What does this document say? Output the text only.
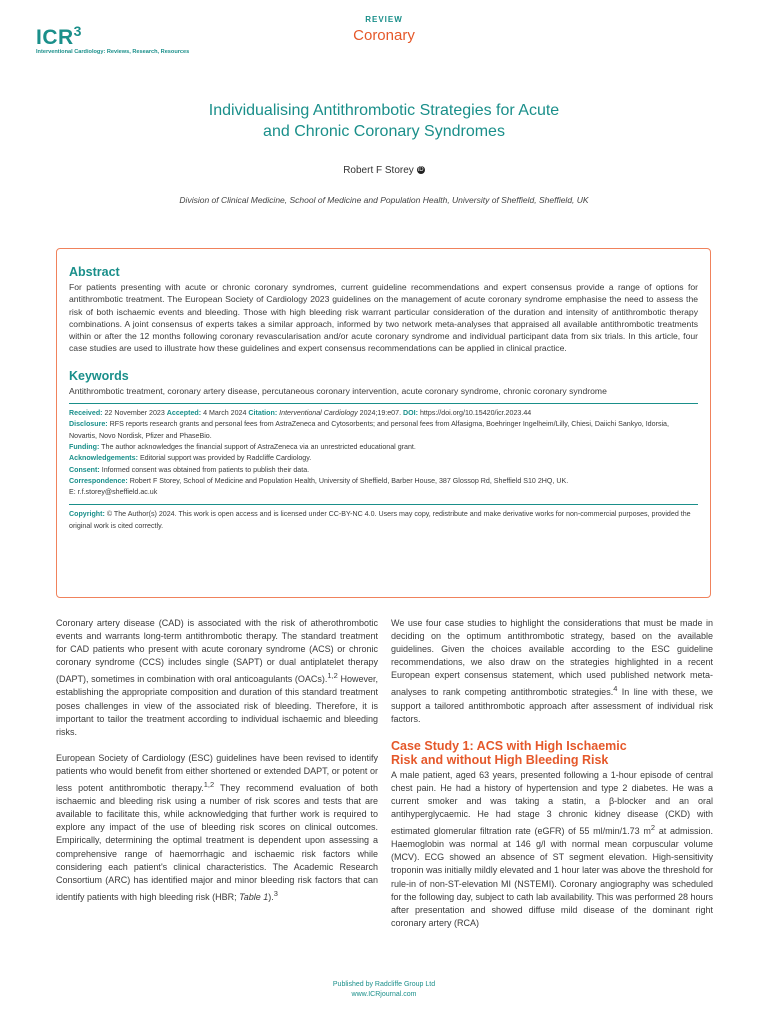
ICR$^3$
Interventional Cardiology: Reviews, Research, Resources
REVIEW
Coronary
Individualising Antithrombotic Strategies for Acute
and Chronic Coronary Syndromes
Robert F Storey iD
Division of Clinical Medicine, School of Medicine and Population Health, University of Sheffield, Sheffield, UK
Abstract

For patients presenting with acute or chronic coronary syndromes, current guideline recommendations and expert consensus provide a range of options for antithrombotic treatment. The European Society of Cardiology 2023 guidelines on the management of acute coronary syndrome emphasise the need to assess the risk of both ischaemic events and bleeding. Those with high bleeding risk warrant particular consideration of the duration and intensity of antithrombotic therapy combinations. A joint consensus of experts takes a similar approach, informed by two network meta-analyses that appraised all available antithrombotic treatments within or after the 12 months following coronary revascularisation and/or acute coronary syndrome and individual participant data from six trials. In this article, four case studies are used to illustrate how these guidelines and expert consensus recommendations can be applied in clinical practice.

Keywords

Antithrombotic treatment, coronary artery disease, percutaneous coronary intervention, acute coronary syndrome, chronic coronary syndrome

Received: 22 November 2023 Accepted: 4 March 2024 Citation: Interventional Cardiology 2024;19:e07. DOI: https://doi.org/10.15420/icr.2023.44
Disclosure: RFS reports research grants and personal fees from AstraZeneca and Cytosorbents; and personal fees from Alfasigma, Boehringer Ingelheim/Lilly, Chiesi, Daiichi Sankyo, Idorsia, Novartis, Novo Nordisk, Pfizer and PhaseBio.
Funding: The author acknowledges the financial support of AstraZeneca via an unrestricted educational grant.
Acknowledgements: Editorial support was provided by Radcliffe Cardiology.
Consent: Informed consent was obtained from patients to publish their data.
Correspondence: Robert F Storey, School of Medicine and Population Health, University of Sheffield, Barber House, 387 Glossop Rd, Sheffield S10 2HQ, UK.
E: r.f.storey@sheffield.ac.uk
Copyright: © The Author(s) 2024. This work is open access and is licensed under CC-BY-NC 4.0. Users may copy, redistribute and make derivative works for non-commercial purposes, provided the original work is cited correctly.

Coronary artery disease (CAD) is associated with the risk of atherothrombotic events and warrants long-term antithrombotic therapy. The standard treatment for CAD patients who present with acute coronary syndrome (ACS) or chronic coronary syndrome (CCS) includes single (SAPT) or dual antiplatelet therapy (DAPT), sometimes in combination with oral anticoagulants (OACs).$^{1,2}$ However, establishing the appropriate composition and duration of this standard treatment poses challenges in view of the associated risk of bleeding. Therefore, it is important to tailor the treatment according to individual ischaemic and bleeding risks.

European Society of Cardiology (ESC) guidelines have been revised to identify patients who would benefit from either shortened or extended DAPT, or potent or less potent antithrombotic therapy.$^{1,2}$ They recommend evaluation of both ischaemic and bleeding risk using a number of risk scores and tests that are available to facilitate this, while acknowledging that further work is required to explore any impact of the use of bleeding risk scores on clinical outcomes. Empirically, determining the optimal treatment is dependent upon assessing a comprehensive range of haemorrhagic and ischaemic risk factors while considering each patient's clinical characteristics. The Academic Research Consortium (ARC) has identified major and minor bleeding risk factors that can identify patients with high bleeding risk (HBR; Table 1).$^3$

We use four case studies to highlight the considerations that must be made in deciding on the optimum antithrombotic strategy, based on the available guidelines. Given the choices available according to the ESC guideline recommendations, we also draw on the strategies highlighted in a recent European expert consensus statement, which used published network meta-analyses to rank competing antithrombotic strategies.$^4$ In line with these, we support a tailored antithrombotic approach after assessment of individual risk factors.

Case Study 1: ACS with High Ischaemic
Risk and without High Bleeding Risk

A male patient, aged 63 years, presented following a 1-hour episode of central chest pain. He had a history of hypertension and type 2 diabetes. He was a current smoker and was taking a statin, a β-blocker and an oral antihyperglycaemic. He had stage 3 chronic kidney disease (CKD) with estimated glomerular filtration rate (eGFR) of 55 ml/min/1.73 $m^2$ at admission. Haemoglobin was normal at 146 g/l with normal mean corpuscular volume (MCV). ECG showed an absence of ST segment elevation. High-sensitivity troponin was initially mildly elevated and 1 hour later was above the threshold for rule-in of non-ST-elevation MI (NSTEMI). Coronary angiography was scheduled for the following day, subject to cath lab availability. This was performed 28 hours after presentation and showed diffuse mild disease of the dominant right coronary artery (RCA)

Published by Radcliffe Group Ltd
www.ICRjournal.com
